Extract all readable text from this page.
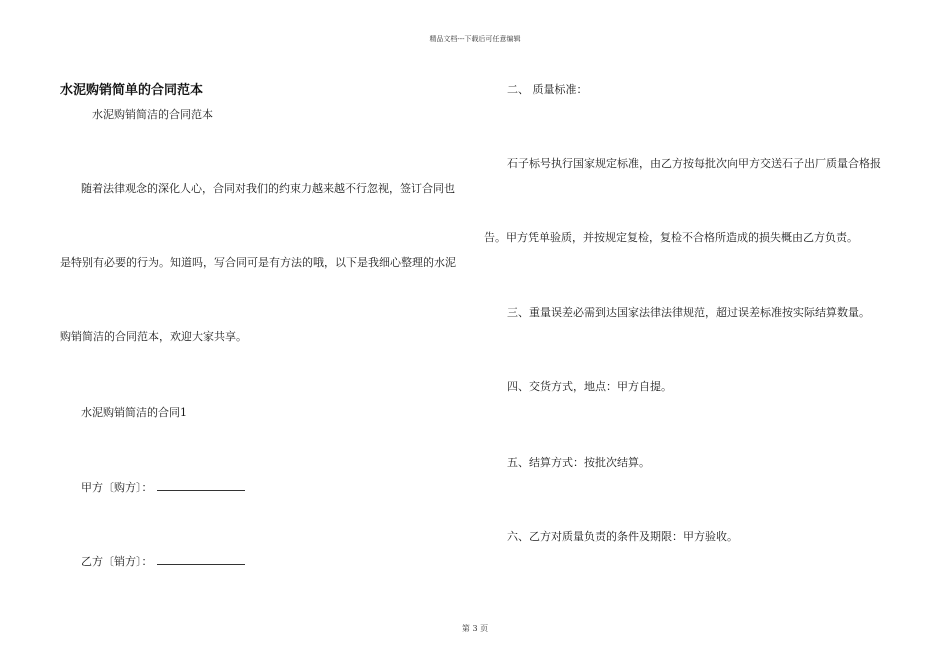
精品文档---下载后可任意编辑
水泥购销简单的合同范本
水泥购销简洁的合同范本
随着法律观念的深化人心，合同对我们的约束力越来越不行忽视，签订合同也
是特别有必要的行为。知道吗，写合同可是有方法的哦，以下是我细心整理的水泥
购销简洁的合同范本，欢迎大家共享。
水泥购销简洁的合同1
甲方〔购方〕：
乙方〔销方〕：
二、 质量标准：
石子标号执行国家规定标准，由乙方按每批次向甲方交送石子出厂质量合格报
告。甲方凭单验质，并按规定复检，复检不合格所造成的损失概由乙方负责。
三、重量误差必需到达国家法律法律规范，超过误差标准按实际结算数量。
四、交货方式，地点：甲方自提。
五、结算方式：按批次结算。
六、乙方对质量负责的条件及期限：甲方验收。
第 3 页
